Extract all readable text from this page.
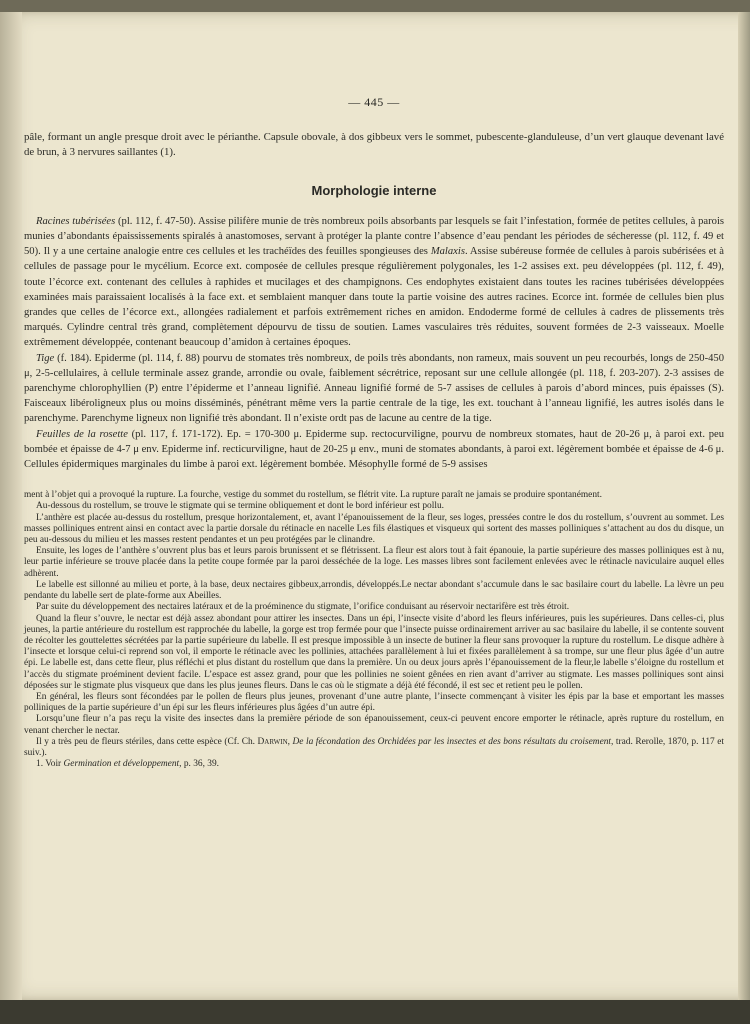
— 445 —

pâle, formant un angle presque droit avec le périanthe. Capsule obovale, à dos gibbeux vers le sommet, pubescente-glanduleuse, d’un vert glauque devenant lavé de brun, à 3 nervures saillantes (1).

Morphologie interne

Racines tubérisées (pl. 112, f. 47-50). Assise pilifère munie de très nombreux poils absorbants par lesquels se fait l’infestation, formée de petites cellules, à parois munies d’abondants épaississements spiralés à anastomoses, servant à protéger la plante contre l’absence d’eau pendant les périodes de sécheresse (pl. 112, f. 49 et 50). Il y a une certaine analogie entre ces cellules et les trachéïdes des feuilles spongieuses des Malaxis. Assise subéreuse formée de cellules à parois subérisées et à cellules de passage pour le mycélium. Ecorce ext. composée de cellules presque régulièrement polygonales, les 1-2 assises ext. peu développées (pl. 112, f. 49), toute l’écorce ext. contenant des cellules à raphides et mucilages et des champignons. Ces endophytes existaient dans toutes les racines tubérisées développées examinées mais paraissaient localisés à la face ext. et semblaient manquer dans toute la partie voisine des autres racines. Ecorce int. formée de cellules bien plus grandes que celles de l’écorce ext., allongées radialement et parfois extrêmement riches en amidon. Endoderme formé de cellules à cadres de plissements très marqués. Cylindre central très grand, complètement dépourvu de tissu de soutien. Lames vasculaires très réduites, souvent formées de 2-3 vaisseaux. Moelle extrêmement développée, contenant beaucoup d’amidon à certaines époques.

Tige (f. 184). Epiderme (pl. 114, f. 88) pourvu de stomates très nombreux, de poils très abondants, non rameux, mais souvent un peu recourbés, longs de 250-450 μ, 2-5-cellulaires, à cellule terminale assez grande, arrondie ou ovale, faiblement sécrétrice, reposant sur une cellule allongée (pl. 118, f. 203-207). 2-3 assises de parenchyme chlorophyllien (P) entre l’épiderme et l’anneau lignifié. Anneau lignifié formé de 5-7 assises de cellules à parois d’abord minces, puis épaisses (S). Faisceaux libéroligneux plus ou moins disséminés, pénétrant même vers la partie centrale de la tige, les ext. touchant à l’anneau lignifié, les autres isolés dans le parenchyme. Parenchyme ligneux non lignifié très abondant. Il n’existe ordt pas de lacune au centre de la tige.

Feuilles de la rosette (pl. 117, f. 171-172). Ep. = 170-300 μ. Epiderme sup. rectocurviligne, pourvu de nombreux stomates, haut de 20-26 μ, à paroi ext. peu bombée et épaisse de 4-7 μ env. Epiderme inf. recticurviligne, haut de 20-25 μ env., muni de stomates abondants, à paroi ext. légèrement bombée et épaisse de 4-6 μ. Cellules épidermiques marginales du limbe à paroi ext. légèrement bombée. Mésophylle formé de 5-9 assises

ment à l’objet qui a provoqué la rupture. La fourche, vestige du sommet du rostellum, se flétrit vite. La rupture paraît ne jamais se produire spontanément.

Au-dessous du rostellum, se trouve le stigmate qui se termine obliquement et dont le bord inférieur est pollu.

L’anthère est placée au-dessus du rostellum, presque horizontalement, et, avant l’épanouissement de la fleur, ses loges, pressées contre le dos du rostellum, s’ouvrent au sommet. Les masses polliniques entrent ainsi en contact avec la partie dorsale du rétinacle en nacelle Les fils élastiques et visqueux qui sortent des masses polliniques s’attachent au dos du disque, un peu au-dessous du milieu et les masses restent pendantes et un peu protégées par le clinandre.

Ensuite, les loges de l’anthère s’ouvrent plus bas et leurs parois brunissent et se flétrissent. La fleur est alors tout à fait épanouie, la partie supérieure des masses polliniques est à nu, leur partie inférieure se trouve placée dans la petite coupe formée par la paroi desséchée de la loge. Les masses libres sont facilement enlevées avec le rétinacle naviculaire auquel elles adhèrent.

Le labelle est sillonné au milieu et porte, à la base, deux nectaires gibbeux,arrondis, développés.Le nectar abondant s’accumule dans le sac basilaire court du labelle. La lèvre un peu pendante du labelle sert de plate-forme aux Abeilles.

Par suite du développement des nectaires latéraux et de la proéminence du stigmate, l’orifice conduisant au réservoir nectarifère est très étroit.

Quand la fleur s’ouvre, le nectar est déjà assez abondant pour attirer les insectes. Dans un épi, l’insecte visite d’abord les fleurs inférieures, puis les supérieures. Dans celles-ci, plus jeunes, la partie antérieure du rostellum est rapprochée du labelle, la gorge est trop fermée pour que l’insecte puisse ordinairement arriver au sac basilaire du labelle, il se contente souvent de récolter les gouttelettes sécrétées par la partie supérieure du labelle. Il est presque impossible à un insecte de butiner la fleur sans provoquer la rupture du rostellum. Le disque adhère à l’insecte et lorsque celui-ci reprend son vol, il emporte le rétinacle avec les pollinies, attachées parallèlement à lui et fixées parallèlement à sa trompe, sur une fleur plus âgée d’un autre épi. Le labelle est, dans cette fleur, plus réfléchi et plus distant du rostellum que dans la première. Un ou deux jours après l’épanouissement de la fleur,le labelle s’éloigne du rostellum et l’accès du stigmate proéminent devient facile. L’espace est assez grand, pour que les pollinies ne soient gênées en rien avant d’arriver au stigmate. Les masses polliniques sont ainsi déposées sur le stigmate plus visqueux que dans les plus jeunes fleurs. Dans le cas où le stigmate a déjà été fécondé, il est sec et retient peu le pollen.

En général, les fleurs sont fécondées par le pollen de fleurs plus jeunes, provenant d’une autre plante, l’insecte commençant à visiter les épis par la base et emportant les masses polliniques de la partie supérieure d’un épi sur les fleurs inférieures plus âgées d’un autre épi.

Lorsqu’une fleur n’a pas reçu la visite des insectes dans la première période de son épanouissement, ceux-ci peuvent encore emporter le rétinacle, après rupture du rostellum, en venant chercher le nectar.

Il y a très peu de fleurs stériles, dans cette espèce (Cf. Ch. Darwin, De la fécondation des Orchidées par les insectes et des bons résultats du croisement, trad. Rerolle, 1870, p. 117 et suiv.).

1. Voir Germination et développement, p. 36, 39.
